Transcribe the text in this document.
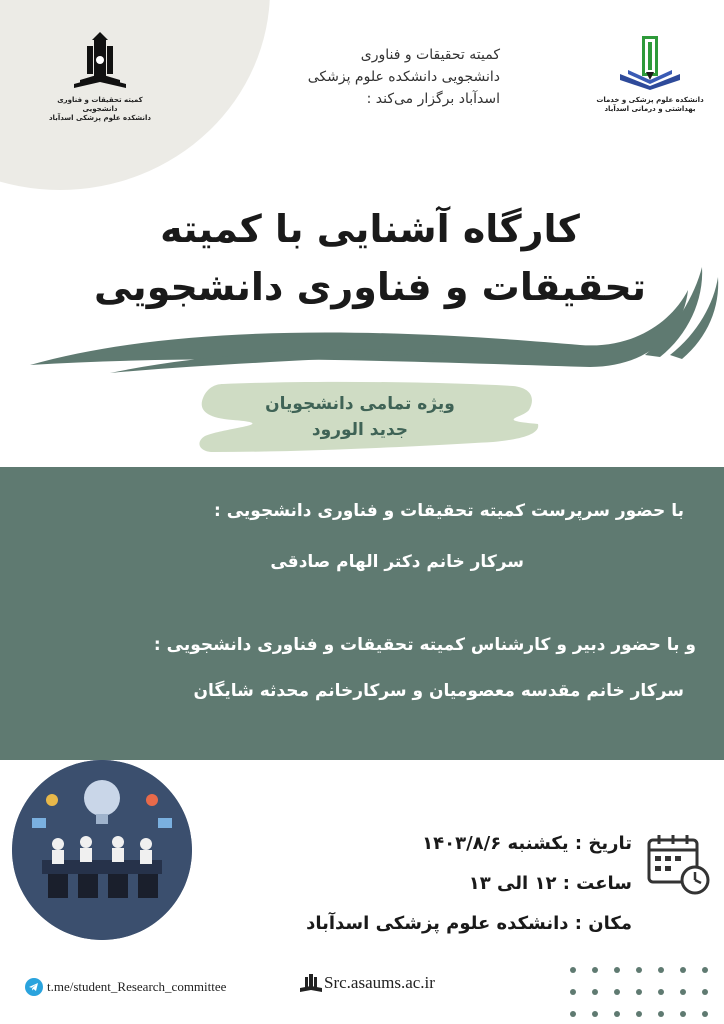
کمیته تحقیقات و فناوری دانشجویی
دانشکده علوم پزشکی اسدآباد
دانشکده علوم پزشکی و خدمات
بهداشتی و درمانی اسدآباد
کمیته تحقیقات و فناوری
دانشجویی دانشکده علوم پزشکی
اسدآباد برگزار می‌کند :
کارگاه آشنایی با کمیته
تحقیقات و فناوری دانشجویی
ویژه تمامی دانشجویان
جدید الورود
با حضور سرپرست کمیته تحقیقات و فناوری دانشجویی :
سرکار خانم دکتر الهام صادقی
و با حضور دبیر و کارشناس کمیته تحقیقات و فناوری دانشجویی :
سرکار خانم مقدسه معصومیان و سرکارخانم محدثه شایگان
تاریخ : یکشنبه ۱۴۰۳/۸/۶
ساعت : ۱۲ الی ۱۳
مکان : دانشکده علوم پزشکی اسدآباد
t.me/student_Research_committee	Src.asaums.ac.ir
